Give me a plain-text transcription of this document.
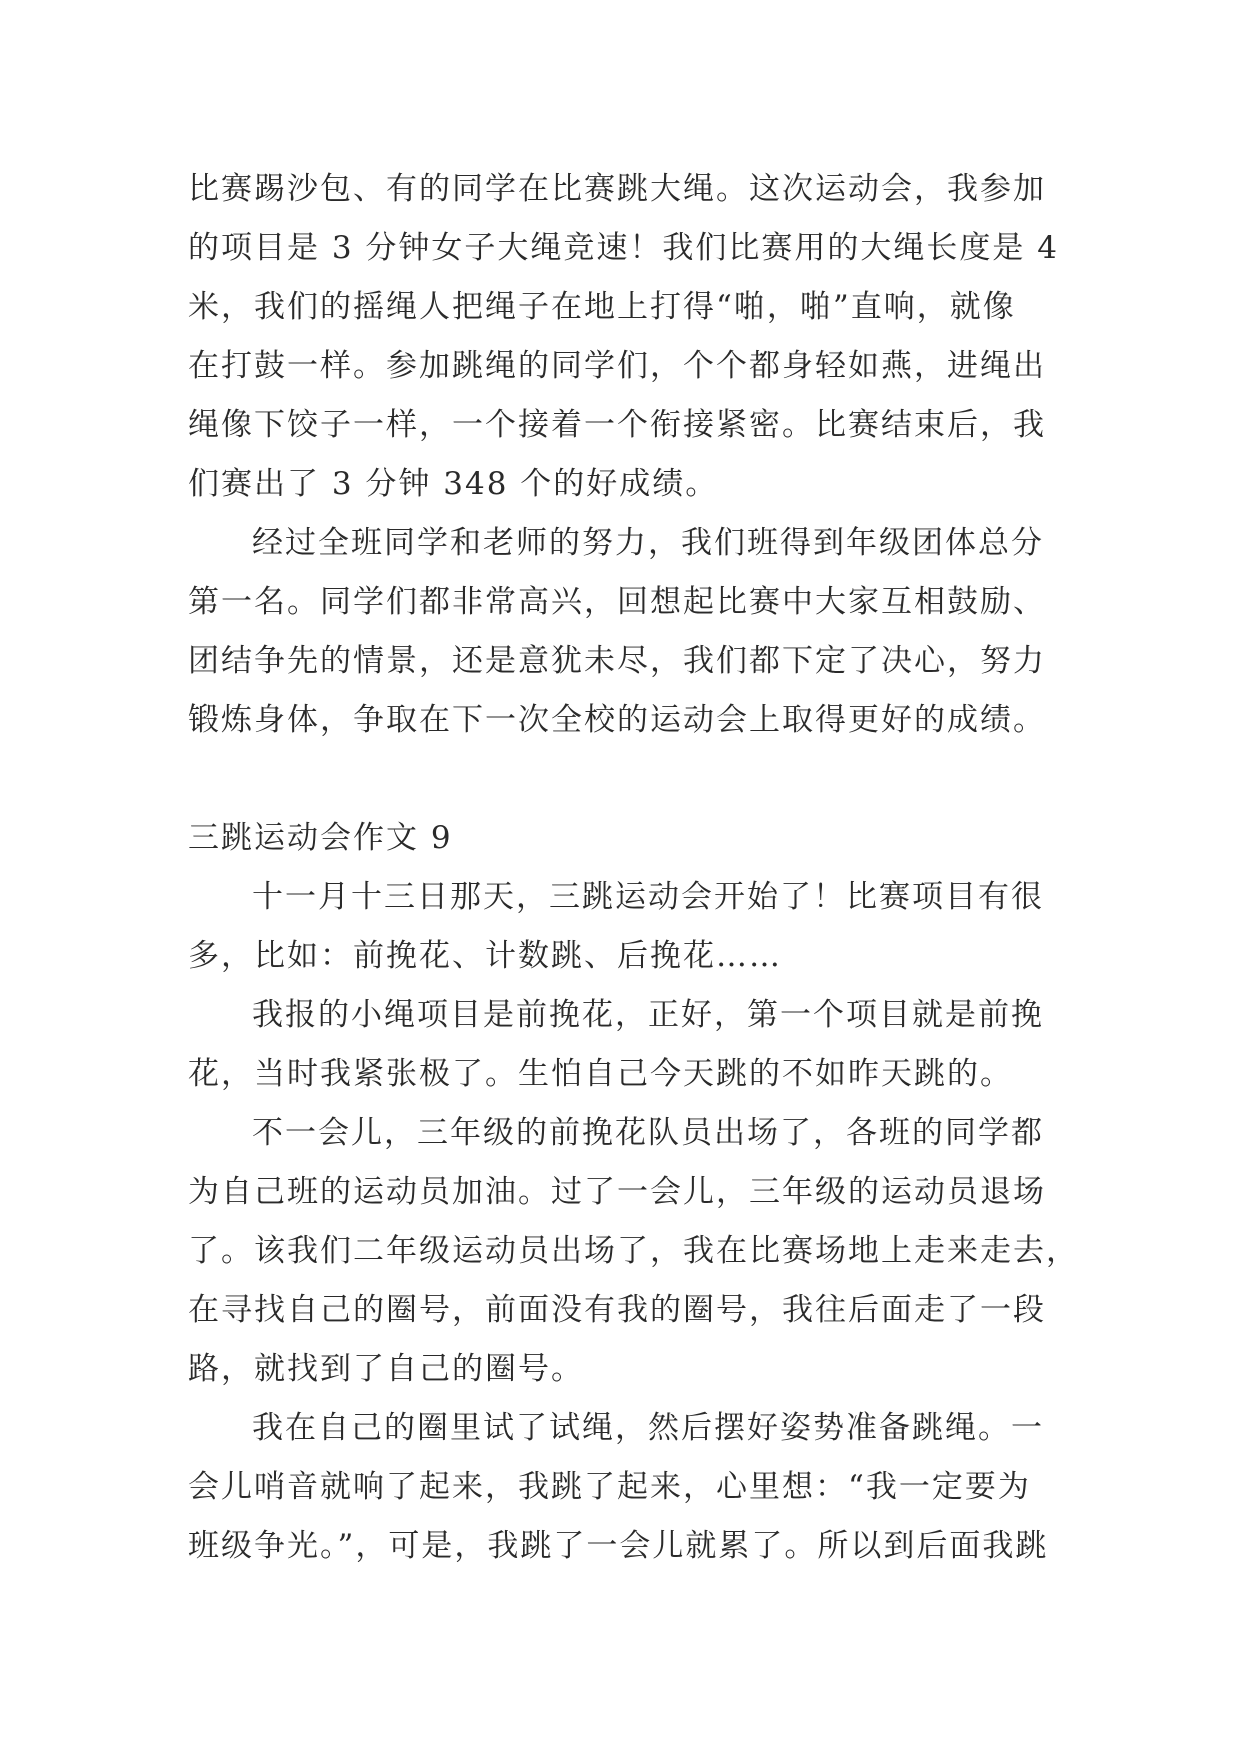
比赛踢沙包、有的同学在比赛跳大绳。这次运动会，我参加
的项目是 3 分钟女子大绳竞速！我们比赛用的大绳长度是 4
米，我们的摇绳人把绳子在地上打得“啪，啪”直响，就像
在打鼓一样。参加跳绳的同学们，个个都身轻如燕，进绳出
绳像下饺子一样，一个接着一个衔接紧密。比赛结束后，我
们赛出了 3 分钟 348 个的好成绩。
经过全班同学和老师的努力，我们班得到年级团体总分
第一名。同学们都非常高兴，回想起比赛中大家互相鼓励、
团结争先的情景，还是意犹未尽，我们都下定了决心，努力
锻炼身体，争取在下一次全校的运动会上取得更好的成绩。
三跳运动会作文 9
十一月十三日那天，三跳运动会开始了！比赛项目有很
多，比如：前挽花、计数跳、后挽花……
我报的小绳项目是前挽花，正好，第一个项目就是前挽
花，当时我紧张极了。生怕自己今天跳的不如昨天跳的。
不一会儿，三年级的前挽花队员出场了，各班的同学都
为自己班的运动员加油。过了一会儿，三年级的运动员退场
了。该我们二年级运动员出场了，我在比赛场地上走来走去，
在寻找自己的圈号，前面没有我的圈号，我往后面走了一段
路，就找到了自己的圈号。
我在自己的圈里试了试绳，然后摆好姿势准备跳绳。一
会儿哨音就响了起来，我跳了起来，心里想：“我一定要为
班级争光。”，可是，我跳了一会儿就累了。所以到后面我跳
